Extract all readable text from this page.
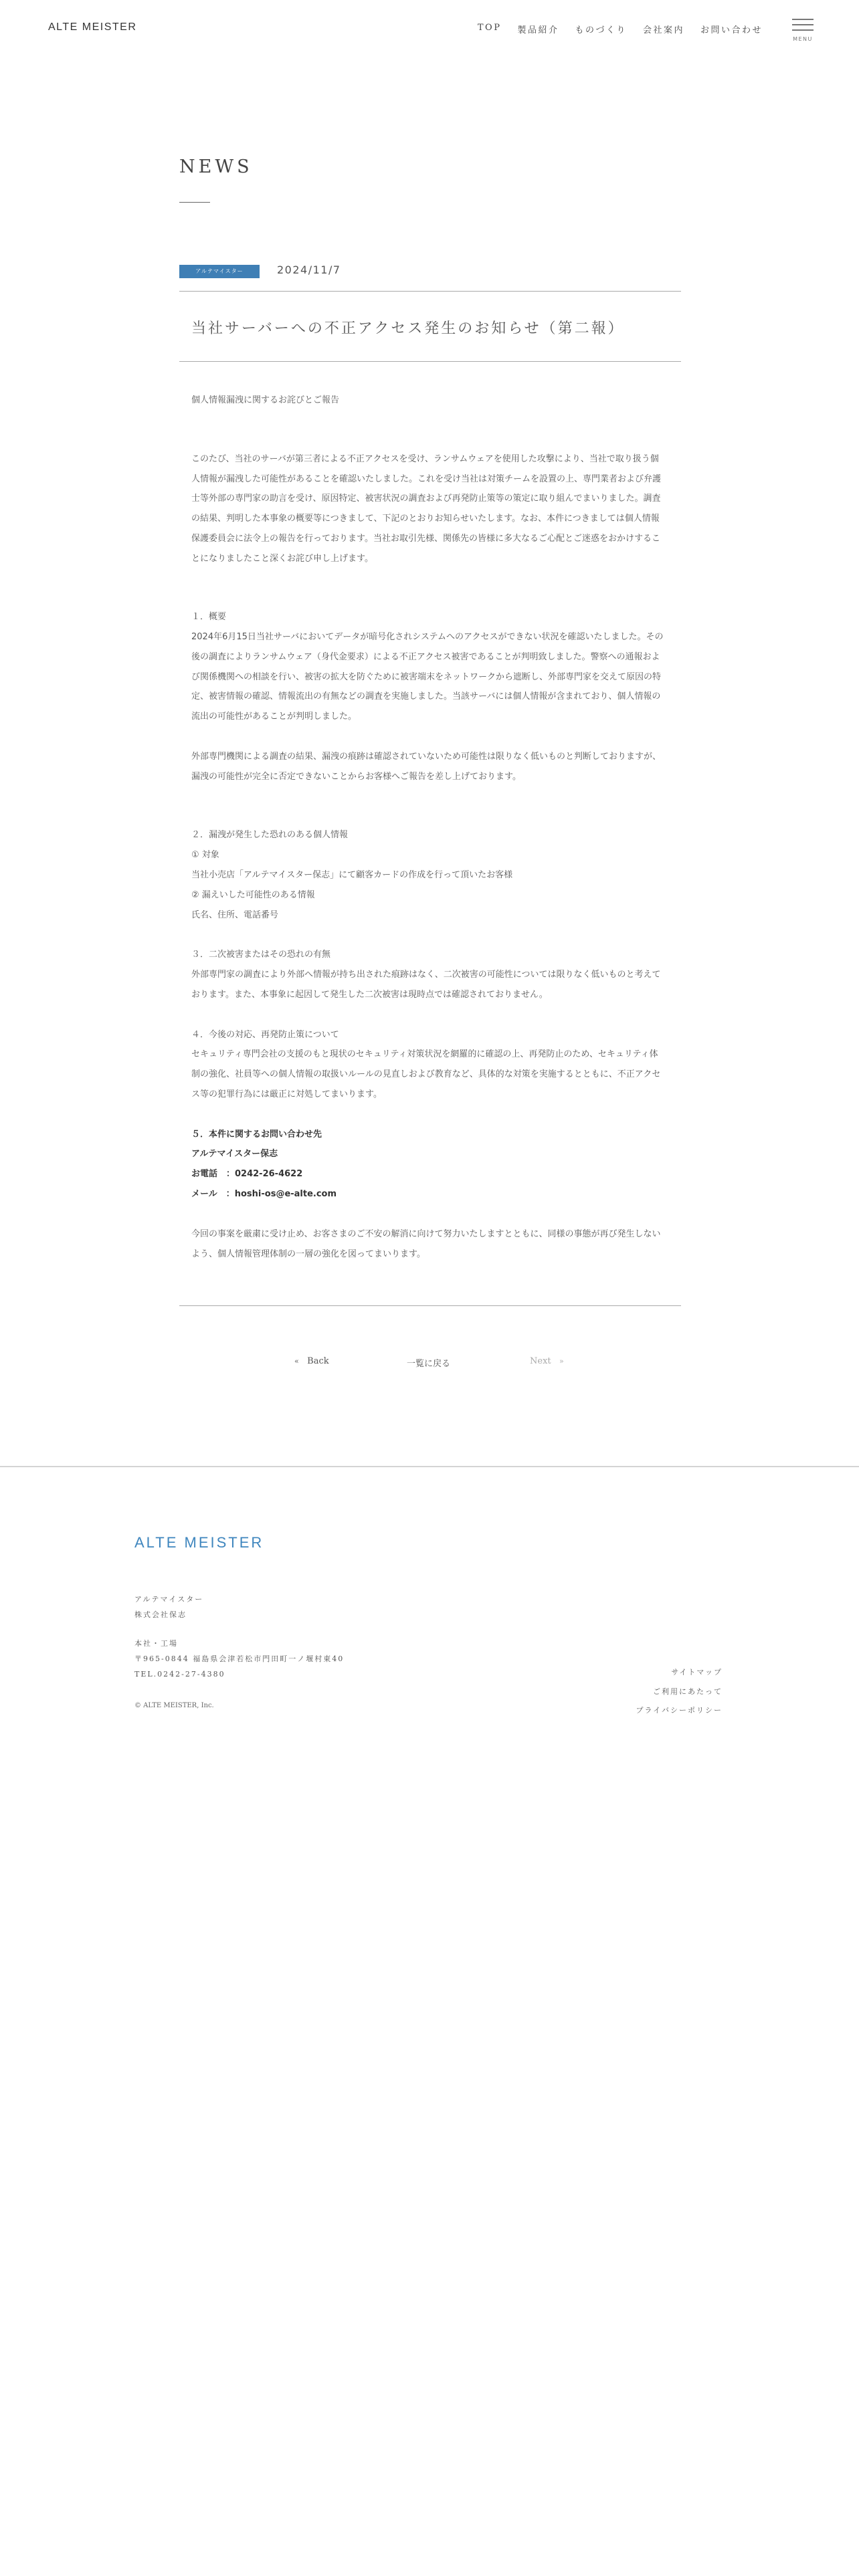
ALTE MEISTER	TOP 製品紹介 ものづくり 会社案内 お問い合わせ
MENU
NEWS
アルテマイスター	2024/11/7
当社サーバーへの不正アクセス発生のお知らせ（第二報）

個人情報漏洩に関するお詫びとご報告

このたび、当社のサーバが第三者による不正アクセスを受け、ランサムウェアを使用した攻撃により、当社で取り扱う個人情報が漏洩した可能性があることを確認いたしました。これを受け当社は対策チームを設置の上、専門業者および弁護士等外部の専門家の助言を受け、原因特定、被害状況の調査および再発防止策等の策定に取り組んでまいりました。調査の結果、判明した本事象の概要等につきまして、下記のとおりお知らせいたします。なお、本件につきましては個人情報保護委員会に法令上の報告を行っております。当社お取引先様、関係先の皆様に多大なるご心配とご迷惑をおかけすることになりましたこと深くお詫び申し上げます。

１．概要

2024年6月15日当社サーバにおいてデータが暗号化されシステムへのアクセスができない状況を確認いたしました。その後の調査によりランサムウェア（身代金要求）による不正アクセス被害であることが判明致しました。警察への通報および関係機関への相談を行い、被害の拡大を防ぐために被害端末をネットワークから遮断し、外部専門家を交えて原因の特定、被害情報の確認、情報流出の有無などの調査を実施しました。当該サーバには個人情報が含まれており、個人情報の流出の可能性があることが判明しました。

外部専門機関による調査の結果、漏洩の痕跡は確認されていないため可能性は限りなく低いものと判断しておりますが、漏洩の可能性が完全に否定できないことからお客様へご報告を差し上げております。

２．漏洩が発生した恐れのある個人情報

① 対象

当社小売店「アルテマイスター保志」にて顧客カードの作成を行って頂いたお客様

② 漏えいした可能性のある情報

氏名、住所、電話番号

３．二次被害またはその恐れの有無

外部専門家の調査により外部へ情報が持ち出された痕跡はなく、二次被害の可能性については限りなく低いものと考えております。また、本事象に起因して発生した二次被害は現時点では確認されておりません。

４．今後の対応、再発防止策について

セキュリティ専門会社の支援のもと現状のセキュリティ対策状況を網羅的に確認の上、再発防止のため、セキュリティ体制の強化、社員等への個人情報の取扱いルールの見直しおよび教育など、具体的な対策を実施するとともに、不正アクセス等の犯罪行為には厳正に対処してまいります。

５．本件に関するお問い合わせ先

アルテマイスター保志

お電話　：0242-26-4622

メール　：hoshi-os@e-alte.com

今回の事案を厳粛に受け止め、お客さまのご不安の解消に向けて努力いたしますとともに、同様の事態が再び発生しないよう、個人情報管理体制の一層の強化を図ってまいります。

« Back	一覧に戻る	Next »
ALTE MEISTER
アルテマイスター
株式会社保志
本社・工場
〒965-0844 福島県会津若松市門田町一ノ堰村東40
TEL.0242-27-4380	サイトマップ
ご利用にあたって
プライバシーポリシー
© ALTE MEISTER, Inc.
